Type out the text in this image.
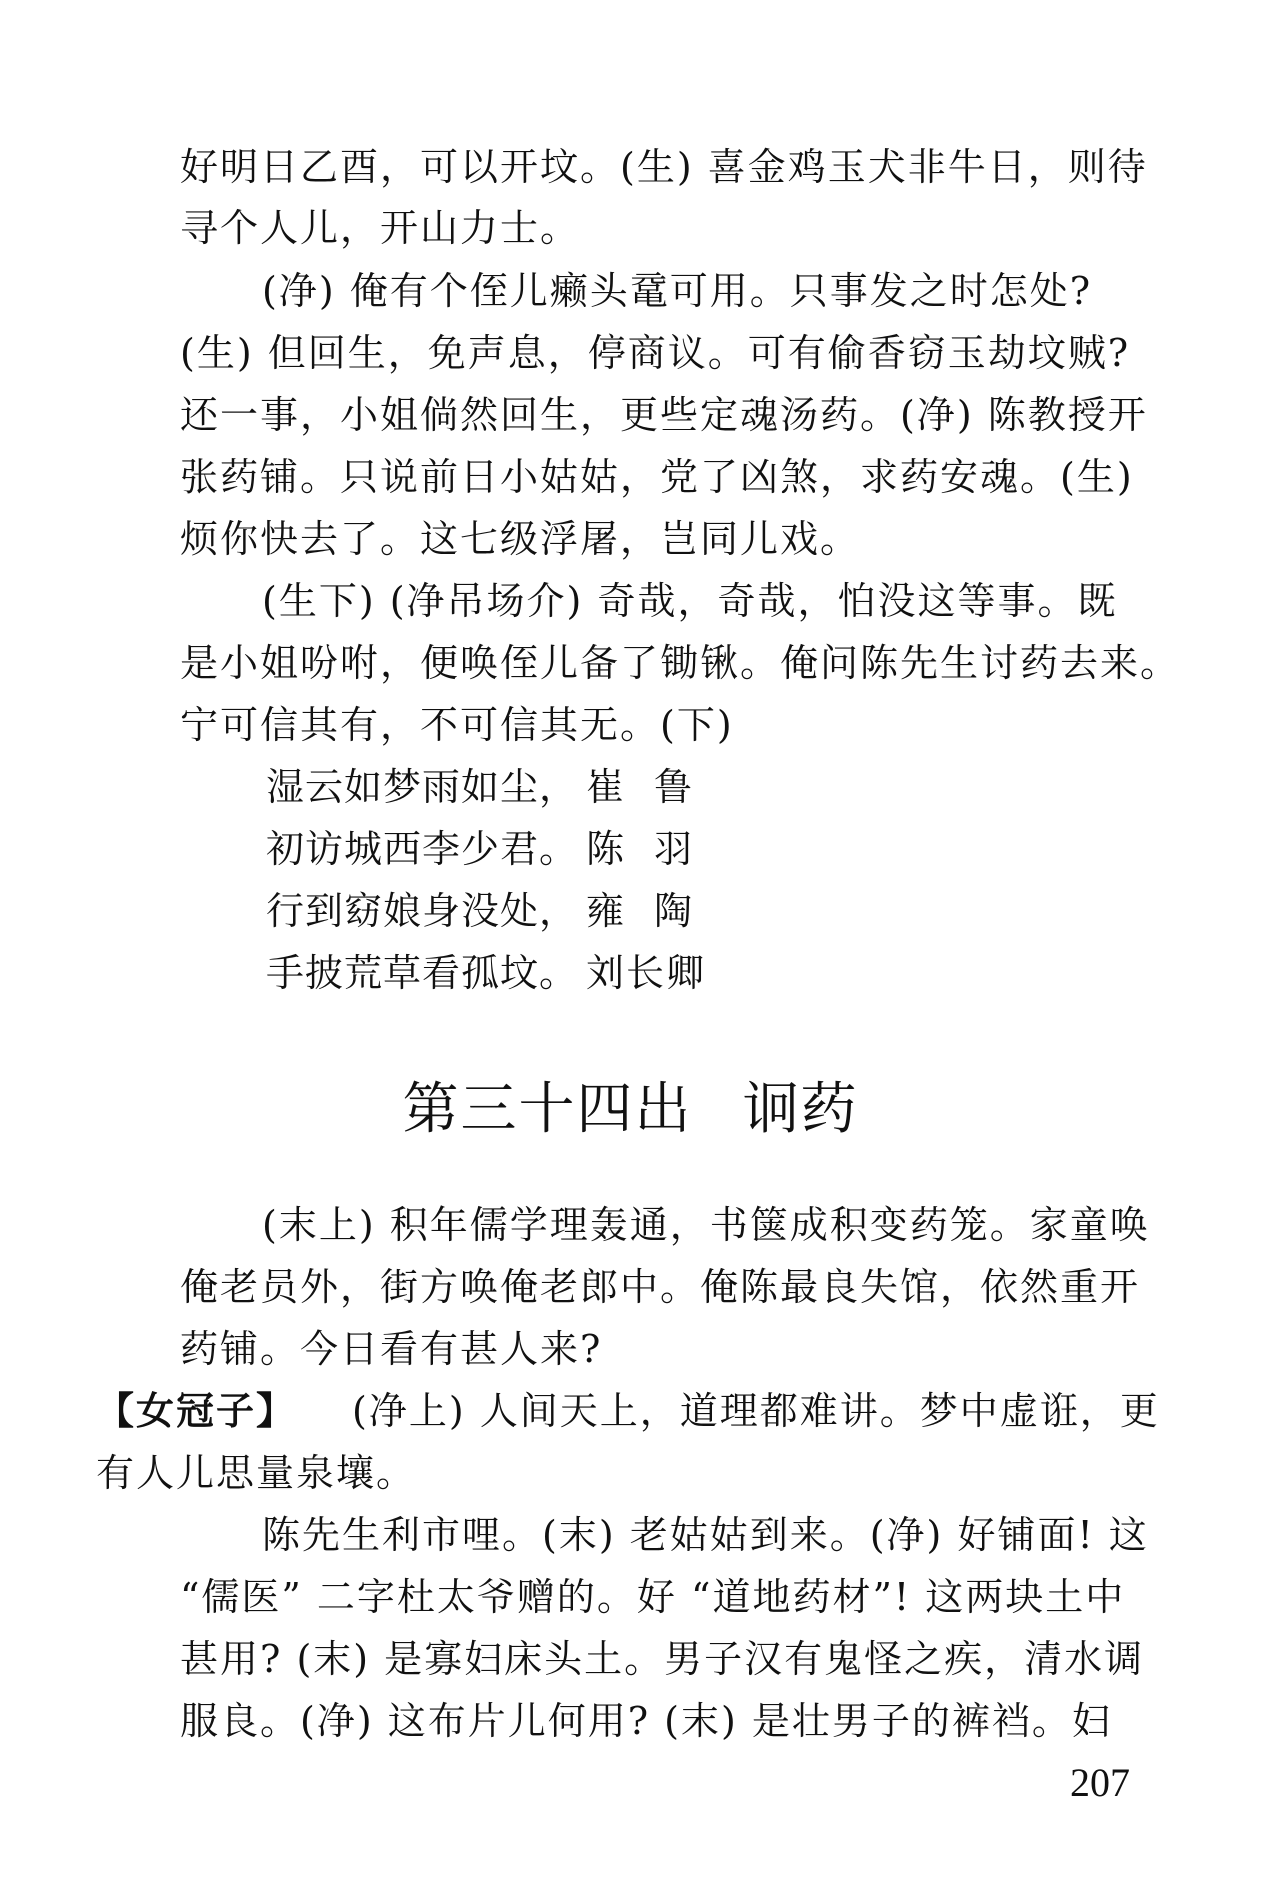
好明日乙酉，可以开坟。(生) 喜金鸡玉犬非牛日，则待
寻个人儿，开山力士。
(净) 俺有个侄儿癞头鼋可用。只事发之时怎处?
(生) 但回生，免声息，停商议。可有偷香窃玉劫坟贼?
还一事，小姐倘然回生，更些定魂汤药。(净) 陈教授开
张药铺。只说前日小姑姑，党了凶煞，求药安魂。(生)
烦你快去了。这七级浮屠，岂同儿戏。
(生下) (净吊场介) 奇哉，奇哉，怕没这等事。既
是小姐吩咐，便唤侄儿备了锄锹。俺问陈先生讨药去来。
宁可信其有，不可信其无。(下)
湿云如梦雨如尘， 崔鲁
初访城西李少君。 陈羽
行到窈娘身没处， 雍陶
手披荒草看孤坟。 刘长卿
第三十四出 诇药
(末上) 积年儒学理轰通，书箧成积变药笼。家童唤
俺老员外，街方唤俺老郎中。俺陈最良失馆，依然重开
药铺。今日看有甚人来?
【女冠子】 (净上) 人间天上，道理都难讲。梦中虚诳，更
有人儿思量泉壤。
陈先生利市哩。(末) 老姑姑到来。(净) 好铺面! 这
“儒医” 二字杜太爷赠的。好 “道地药材”! 这两块土中
甚用? (末) 是寡妇床头土。男子汉有鬼怪之疾，清水调
服良。(净) 这布片儿何用? (末) 是壮男子的裤裆。妇
207
